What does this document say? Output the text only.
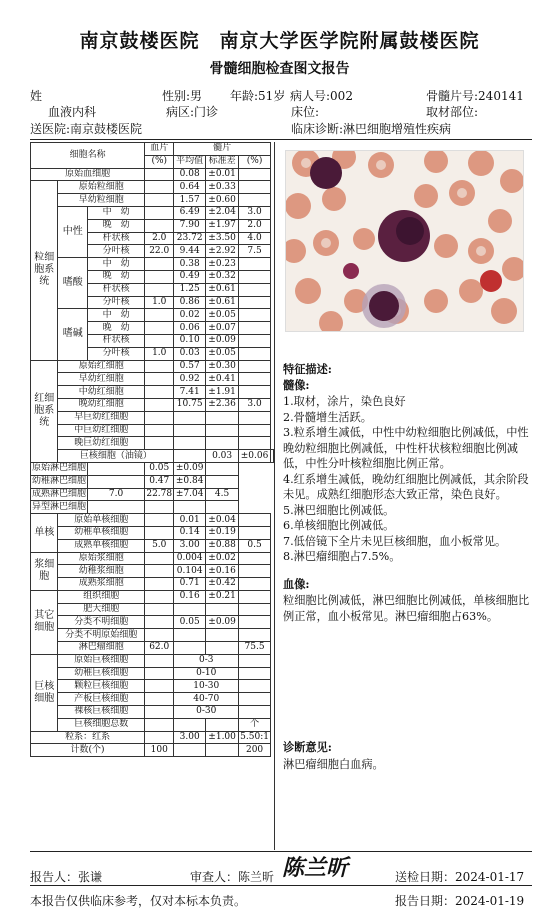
南京鼓楼医院　南京大学医学院附属鼓楼医院
骨髓细胞检查图文报告
姓	性别:男 年龄:51岁 病人号:002	骨髓片号:240141
血液内科	病区:门诊	床位:	取材部位:
送医院:南京鼓楼医院	临床诊断:淋巴细胞增殖性疾病
细胞名称			血片	髓片			
			(%)	平均值	标准差	(%)	
原始血细胞				0.08	±0.01		
粒细胞系统	原始粒细胞			0.64	±0.33		
	早幼粒细胞			1.57	±0.60		
	中性	中　幼		6.49	±2.04	3.0	
		晚　幼		7.90	±1.97	2.0	
		杆状核	2.0	23.72	±3.50	4.0	
		分叶核	22.0	9.44	±2.92	7.5	
	嗜酸	中　幼		0.38	±0.23		
		晚　幼		0.49	±0.32		
		杆状核		1.25	±0.61		
		分叶核	1.0	0.86	±0.61		
	嗜碱	中　幼		0.02	±0.05		
		晚　幼		0.06	±0.07		
		杆状核		0.10	±0.09		
		分叶核	1.0	0.03	±0.05		
红细胞系统	原始红细胞			0.57	±0.30		
	早幼红细胞			0.92	±0.41		
	中幼红细胞			7.41	±1.91		
	晚幼红细胞			10.75	±2.36	3.0	
	早巨幼红细胞						
	中巨幼红细胞						
	晚巨幼红细胞						
	巨核细胞（油镜）				0.03	±0.06	
原始淋巴细胞			0.05	±0.09			
幼稚淋巴细胞			0.47	±0.84			
成熟淋巴细胞		7.0	22.78	±7.04	4.5		
异型淋巴细胞							
单核	原始单核细胞			0.01	±0.04		
	幼稚单核细胞			0.14	±0.19		
	成熟单核细胞		5.0	3.00	±0.88	0.5	
浆细胞	原始浆细胞			0.004	±0.02		
	幼稚浆细胞			0.104	±0.16		
	成熟浆细胞			0.71	±0.42		
其它细胞	组织细胞			0.16	±0.21		
	肥大细胞						
	分类不明细胞			0.05	±0.09		
	分类不明原始细胞						
	淋巴瘤细胞		62.0			75.5	
巨核细胞	原始巨核细胞			0-3			
	幼稚巨核细胞			0-10			
	颗粒巨核细胞			10-30			
	产板巨核细胞			40-70			
	裸核巨核细胞			0-30			
	巨核细胞总数					个	
粒系：红系				3.00	±1.00	5.50:1	
计数(个)			100			200	
特征描述:
髓像:
1.取材，涂片，染色良好
2.骨髓增生活跃。
3.粒系增生减低，中性中幼粒细胞比例减低，中性晚幼粒细胞比例减低，中性杆状核粒细胞比例减低，中性分叶核粒细胞比例正常。
4.红系增生减低，晚幼红细胞比例减低，其余阶段未见。成熟红细胞形态大致正常，染色良好。
5.淋巴细胞比例减低。
6.单核细胞比例减低。
7.低倍镜下全片未见巨核细胞，血小板常见。
8.淋巴瘤细胞占7.5%。
血像:
粒细胞比例减低，淋巴细胞比例减低，单核细胞比例正常，血小板常见。淋巴瘤细胞占63%。
诊断意见:
淋巴瘤细胞白血病。
报告人：张谦	审查人：陈兰昕 陈兰昕	送检日期：2024-01-17
本报告仅供临床参考，仅对本标本负责。	报告日期：2024-01-19
